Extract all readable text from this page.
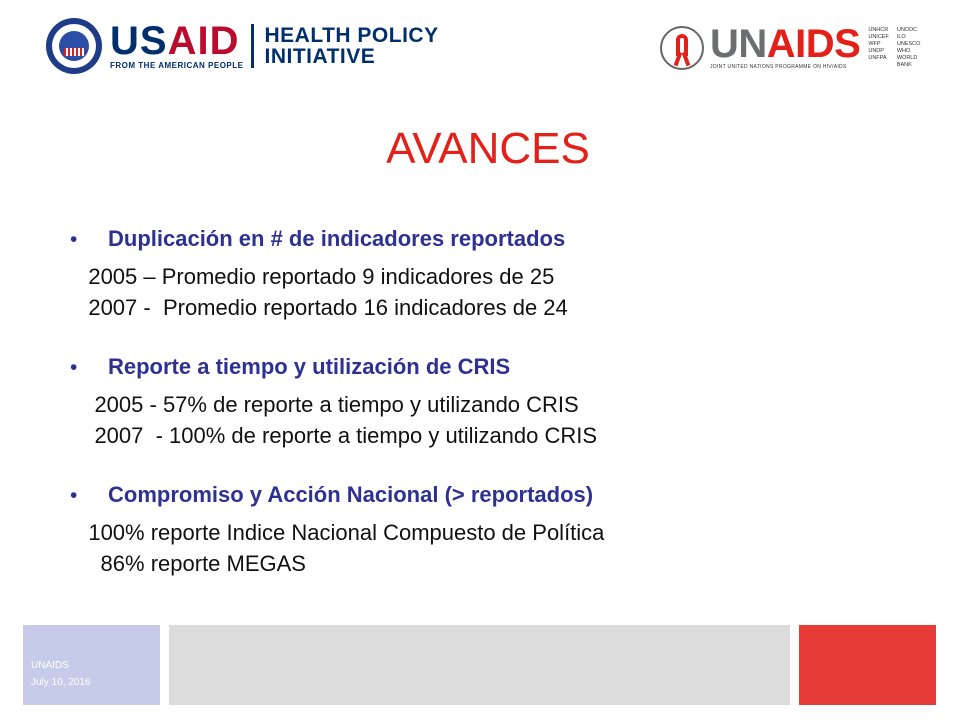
USAID
FROM THE AMERICAN PEOPLE
HEALTH POLICY
INITIATIVE	UNAIDS
JOINT UNITED NATIONS PROGRAMME ON HIV/AIDS
UNHCR
UNICEF
WFP
UNDP
UNFPA
UNODC
ILO
UNESCO
WHO
WORLD BANK
AVANCES
•	Duplicación en # de indicadores reportados
2005 – Promedio reportado 9 indicadores de 25
2007 -  Promedio reportado 16 indicadores de 24
•	Reporte a tiempo y utilización de CRIS
2005 - 57% de reporte a tiempo y utilizando CRIS
2007  - 100% de reporte a tiempo y utilizando CRIS
•	Compromiso y Acción Nacional (> reportados)
100% reporte Indice Nacional Compuesto de Política
86% reporte MEGAS
UNAIDS
July 10, 2016
